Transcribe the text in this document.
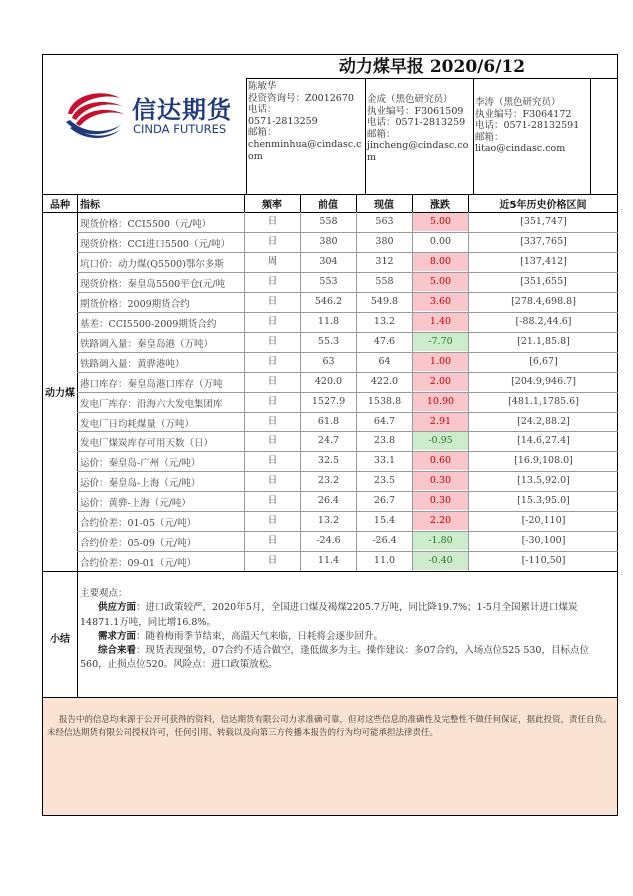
动力煤早报 2020/6/12
信达期货
CINDA FUTURES
陈敏华
投资咨询号：Z0012670
电话：
0571-2813259
邮箱：
chenminhua@cindasc.com
金成（黑色研究员）
执业编号：F3061509
电话：0571-2813259
邮箱：
jincheng@cindasc.com
李涛（黑色研究员）
执业编号：F3064172
电话：0571-28132591
邮箱：
litao@cindasc.com
品种	指标	频率	前值	现值	涨跌	近5年历史价格区间
动力煤
现货价格：CCI5500（元/吨）	日	558	563	5.00	[351,747]
现货价格：CCI进口5500（元/吨）	日	380	380	0.00	[337,765]
坑口价：动力煤(Q5500)鄂尔多斯	周	304	312	8.00	[137,412]
现货价格：秦皇岛5500平仓(元/吨	日	553	558	5.00	[351,655]
期货价格：2009期货合约	日	546.2	549.8	3.60	[278.4,698.8]
基差：CCI5500-2009期货合约	日	11.8	13.2	1.40	[-88.2,44.6]
铁路调入量：秦皇岛港（万吨）	日	55.3	47.6	-7.70	[21.1,85.8]
铁路调入量：黄骅港吨）	日	63	64	1.00	[6,67]
港口库存：秦皇岛港口库存（万吨	日	420.0	422.0	2.00	[204.9,946.7]
发电厂库存：沿海六大发电集团库	日	1527.9	1538.8	10.90	[481.1,1785.6]
发电厂日均耗煤量（万吨）	日	61.8	64.7	2.91	[24.2,88.2]
发电厂煤炭库存可用天数（日）	日	24.7	23.8	-0.95	[14.6,27.4]
运价：秦皇岛-广州（元/吨）	日	32.5	33.1	0.60	[16.9,108.0]
运价：秦皇岛-上海（元/吨）	日	23.2	23.5	0.30	[13.5,92.0]
运价：黄骅-上海（元/吨）	日	26.4	26.7	0.30	[15.3,95.0]
合约价差：01-05（元/吨）	日	13.2	15.4	2.20	[-20,110]
合约价差：05-09（元/吨）	日	-24.6	-26.4	-1.80	[-30,100]
合约价差：09-01（元/吨）	日	11.4	11.0	-0.40	[-110,50]
小结
主要观点：
供应方面：进口政策较严，2020年5月，全国进口煤及褐煤2205.7万吨，同比降19.7%；1-5月全国累计进口煤炭14871.1万吨，同比增16.8%。
需求方面：随着梅雨季节结束，高温天气来临，日耗将会逐步回升。
综合来看：现货表现强势，07合约不适合做空，逢低做多为主。操作建议：多07合约，入场点位525 530，目标点位560，止损点位520。风险点：进口政策放松。
报告中的信息均来源于公开可获得的资料，信达期货有限公司力求准确可靠，但对这些信息的准确性及完整性不做任何保证，据此投资，责任自负。未经信达期货有限公司授权许可，任何引用、转载以及向第三方传播本报告的行为均可能承担法律责任。
